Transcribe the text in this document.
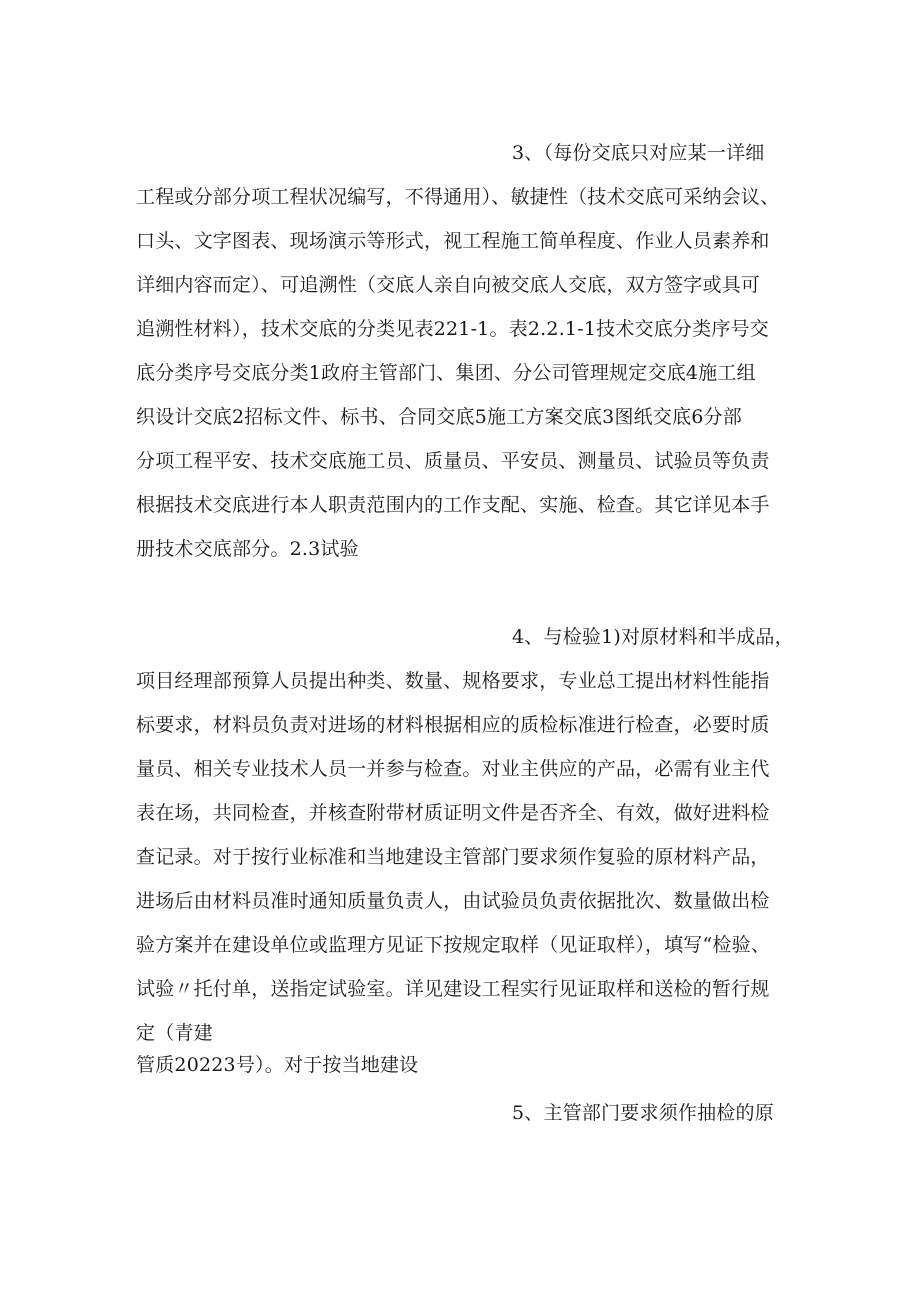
3、（每份交底只对应某一详细
工程或分部分项工程状况编写，不得通用）、敏捷性（技术交底可采纳会议、
口头、文字图表、现场演示等形式，视工程施工简单程度、作业人员素养和
详细内容而定）、可追溯性（交底人亲自向被交底人交底，双方签字或具可
追溯性材料），技术交底的分类见表221-1。表2.2.1-1技术交底分类序号交
底分类序号交底分类1政府主管部门、集团、分公司管理规定交底4施工组
织设计交底2招标文件、标书、合同交底5施工方案交底3图纸交底6分部
分项工程平安、技术交底施工员、质量员、平安员、测量员、试验员等负责
根据技术交底进行本人职责范围内的工作支配、实施、检查。其它详见本手
册技术交底部分。2.3试验
4、与检验1)对原材料和半成品，
项目经理部预算人员提出种类、数量、规格要求，专业总工提出材料性能指
标要求，材料员负责对进场的材料根据相应的质检标准进行检查，必要时质
量员、相关专业技术人员一并参与检查。对业主供应的产品，必需有业主代
表在场，共同检查，并核查附带材质证明文件是否齐全、有效，做好进料检
查记录。对于按行业标准和当地建设主管部门要求须作复验的原材料产品，
进场后由材料员准时通知质量负责人，由试验员负责依据批次、数量做出检
验方案并在建设单位或监理方见证下按规定取样（见证取样），填写“检验、
试验〃托付单，送指定试验室。详见建设工程实行见证取样和送检的暂行规
定（青建
管质20223号）。对于按当地建设
5、主管部门要求须作抽检的原
